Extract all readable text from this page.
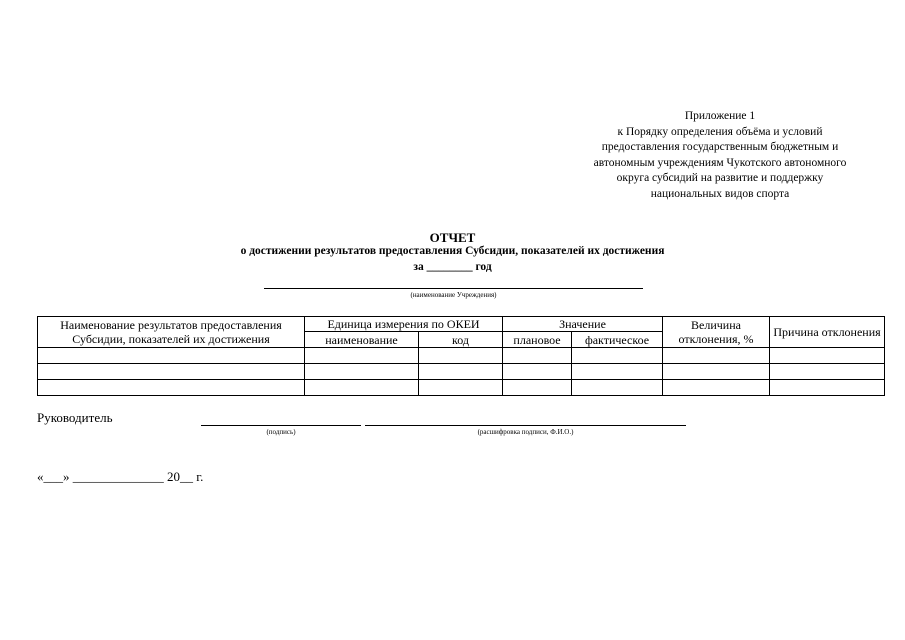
Приложение 1
к Порядку определения объёма и условий
предоставления государственным бюджетным и
автономным учреждениям Чукотского автономного
округа субсидий на развитие и поддержку
национальных видов спорта
ОТЧЕТ
о достижении результатов предоставления Субсидии, показателей их достижения
за ________ год
(наименование Учреждения)
Наименование результатов предоставления Субсидии, показателей их достижения	Единица измерения по ОКЕИ		Значение		Величина отклонения, %	Причина отклонения
	наименование	код	плановое	фактическое		

Руководитель
(подпись)	(расшифровка подписи, Ф.И.О.)
«___» ______________ 20__ г.
